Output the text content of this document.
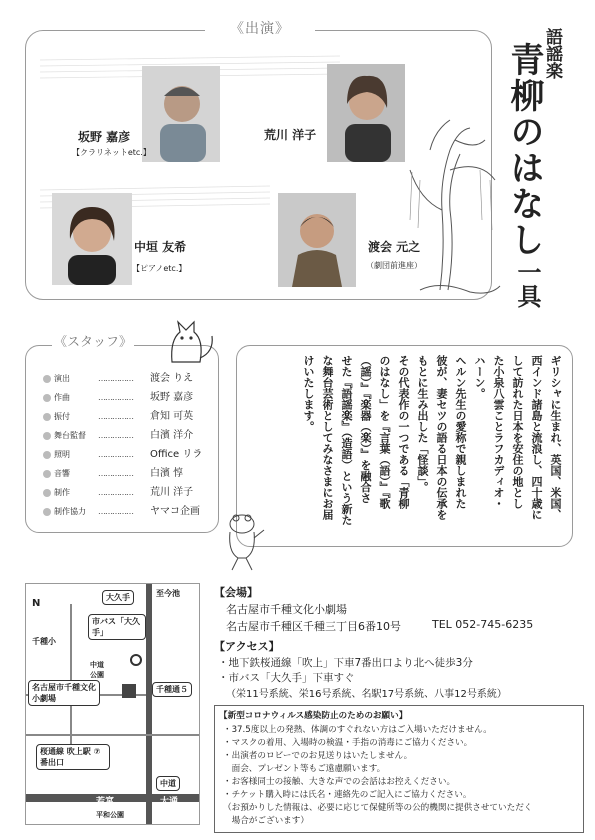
《出演》
坂野 嘉彦
【クラリネットetc.】
荒川 洋子
中垣 友希
【ピアノetc.】
渡会 元之
（劇団前進座）
語謡楽
青柳のはなし
一具
《スタッフ》
演出	…………… 渡会 りえ
作曲	…………… 坂野 嘉彦
振付	…………… 倉知 可英
舞台監督 …………… 白濱 洋介
照明	…………… Office リラ
音響	…………… 白濱 惇
制作	…………… 荒川 洋子
制作協力 …………… ヤマコ企画	ギリシャに生まれ、英国、米国、
西インド諸島と流浪し、四十歳に
して訪れた日本を安住の地とし
た小泉八雲ことラフカディオ・
ハーン。
ヘルン先生の愛称で親しまれた
彼が、妻セツの語る日本の伝承を
もとに生み出した「怪談」。
その代表作の一つである「青柳
のはなし」を『言葉（語）』『歌
（謡）』『楽器（楽）』を融合さ
せた『語謡楽』（造語）という新た
な舞台芸術としてみなさまにお届
けいたします。
N
大久手	至今池
市バス「大久手」
千種小
中道公園
名古屋市千種文化小劇場
千種通５
桜通線 吹上駅 ⑦番出口
中道
若宮	大通
平和公園
【会場】
名古屋市千種文化小劇場
名古屋市千種区千種三丁目6番10号	TEL 052-745-6235
【アクセス】
・地下鉄桜通線「吹上」下車7番出口より北へ徒歩3分
・市バス「大久手」下車すぐ
（栄11号系統、栄16号系統、名駅17号系統、八事12号系統）
【新型コロナウィルス感染防止のためのお願い】
・37.5度以上の発熱、体調のすぐれない方はご入場いただけません。
・マスクの着用、入場時の検温・手指の消毒にご協力ください。
・出演者のロビーでのお見送りはいたしません。
　面会、プレゼント等もご遠慮願います。
・お客様同士の接触、大きな声での会話はお控えください。
・チケット購入時には氏名・連絡先のご記入にご協力ください。
（お預かりした情報は、必要に応じて保健所等の公的機関に提供させていただく
　場合がございます）
